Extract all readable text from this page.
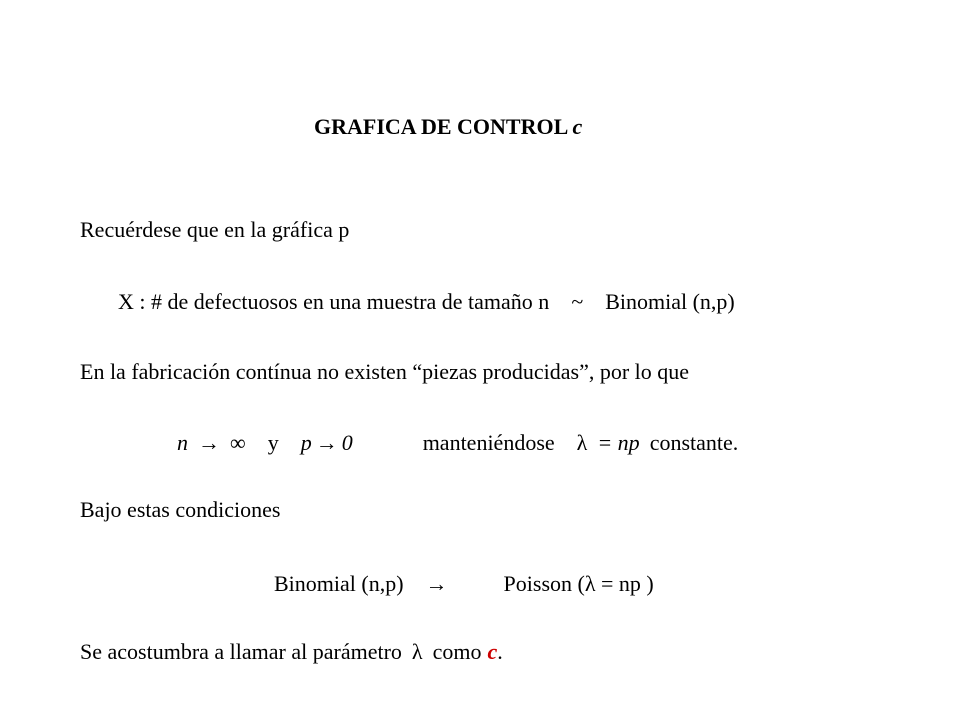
GRAFICA DE CONTROL c
Recuérdese que en la gráfica p
X : # de defectuosos en una muestra de tamaño n ~ Binomial (n,p)
En la fabricación contínua no existen “piezas producidas”, por lo que
n → ∞ y p → 0	manteniéndose λ = np constante.
Bajo estas condiciones
Binomial (n,p) →	Poisson (λ = np )
Se acostumbra a llamar al parámetro λ como c.
